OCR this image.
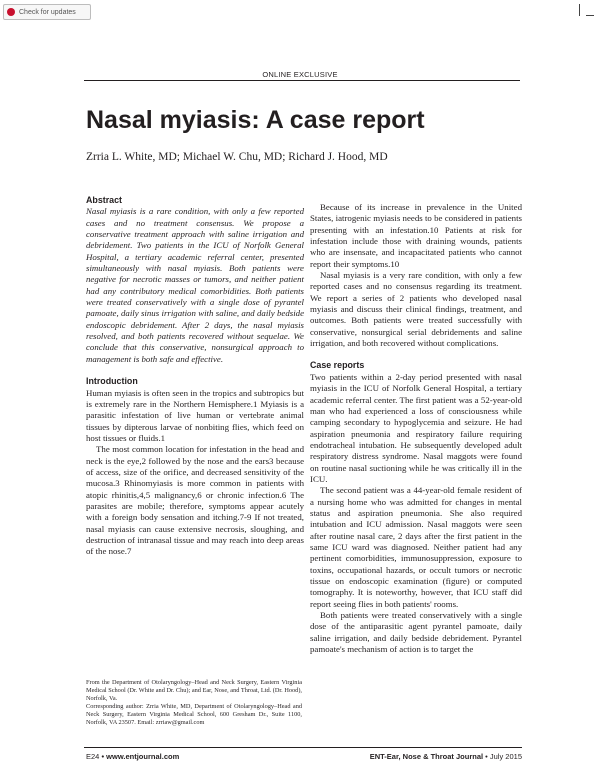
Check for updates
ONLINE EXCLUSIVE
Nasal myiasis: A case report
Zrria L. White, MD; Michael W. Chu, MD; Richard J. Hood, MD
Abstract

Nasal myiasis is a rare condition, with only a few reported cases and no treatment consensus. We propose a conservative treatment approach with saline irrigation and debridement. Two patients in the ICU of Norfolk General Hospital, a tertiary academic referral center, presented simultaneously with nasal myiasis. Both patients were negative for necrotic masses or tumors, and neither patient had any contributory medical comorbidities. Both patients were treated conservatively with a single dose of pyrantel pamoate, daily sinus irrigation with saline, and daily bedside endoscopic debridement. After 2 days, the nasal myiasis resolved, and both patients recovered without sequelae. We conclude that this conservative, nonsurgical approach to management is both safe and effective.

Introduction

Human myiasis is often seen in the tropics and subtropics but is extremely rare in the Northern Hemisphere.1 Myiasis is a parasitic infestation of live human or vertebrate animal tissues by dipterous larvae of nonbiting flies, which feed on host tissues or fluids.1

The most common location for infestation in the head and neck is the eye,2 followed by the nose and the ears3 because of access, size of the orifice, and decreased sensitivity of the mucosa.3 Rhinomyiasis is more common in patients with atopic rhinitis,4,5 malignancy,6 or chronic infection.6 The parasites are mobile; therefore, symptoms appear acutely with a foreign body sensation and itching.7-9 If not treated, nasal myiasis can cause extensive necrosis, sloughing, and destruction of intranasal tissue and may reach into deep areas of the nose.7

From the Department of Otolaryngology–Head and Neck Surgery, Eastern Virginia Medical School (Dr. White and Dr. Chu); and Ear, Nose, and Throat, Ltd. (Dr. Hood), Norfolk, Va.

Corresponding author: Zrria White, MD, Department of Otolaryngology–Head and Neck Surgery, Eastern Virginia Medical School, 600 Gresham Dr., Suite 1100, Norfolk, VA 23507. Email: zrriaw@gmail.com

Because of its increase in prevalence in the United States, iatrogenic myiasis needs to be considered in patients presenting with an infestation.10 Patients at risk for infestation include those with draining wounds, patients who are insensate, and incapacitated patients who cannot report their symptoms.10

Nasal myiasis is a very rare condition, with only a few reported cases and no consensus regarding its treatment. We report a series of 2 patients who developed nasal myiasis and discuss their clinical findings, treatment, and outcomes. Both patients were treated successfully with conservative, nonsurgical serial debridements and saline irrigation, and both recovered without complications.

Case reports

Two patients within a 2-day period presented with nasal myiasis in the ICU of Norfolk General Hospital, a tertiary academic referral center. The first patient was a 52-year-old man who had experienced a loss of consciousness while camping secondary to hypoglycemia and seizure. He had aspiration pneumonia and respiratory failure requiring endotracheal intubation. He subsequently developed adult respiratory distress syndrome. Nasal maggots were found on routine nasal suctioning while he was critically ill in the ICU.

The second patient was a 44-year-old female resident of a nursing home who was admitted for changes in mental status and aspiration pneumonia. She also required intubation and ICU admission. Nasal maggots were seen after routine nasal care, 2 days after the first patient in the same ICU ward was diagnosed. Neither patient had any pertinent comorbidities, immunosuppression, exposure to toxins, occupational hazards, or occult tumors or necrotic tissue on endoscopic examination (figure) or computed tomography. It is noteworthy, however, that ICU staff did report seeing flies in both patients' rooms.

Both patients were treated conservatively with a single dose of the antiparasitic agent pyrantel pamoate, daily saline irrigation, and daily bedside debridement. Pyrantel pamoate's mechanism of action is to target the

E24 • www.entjournal.com	ENT-Ear, Nose & Throat Journal • July 2015
